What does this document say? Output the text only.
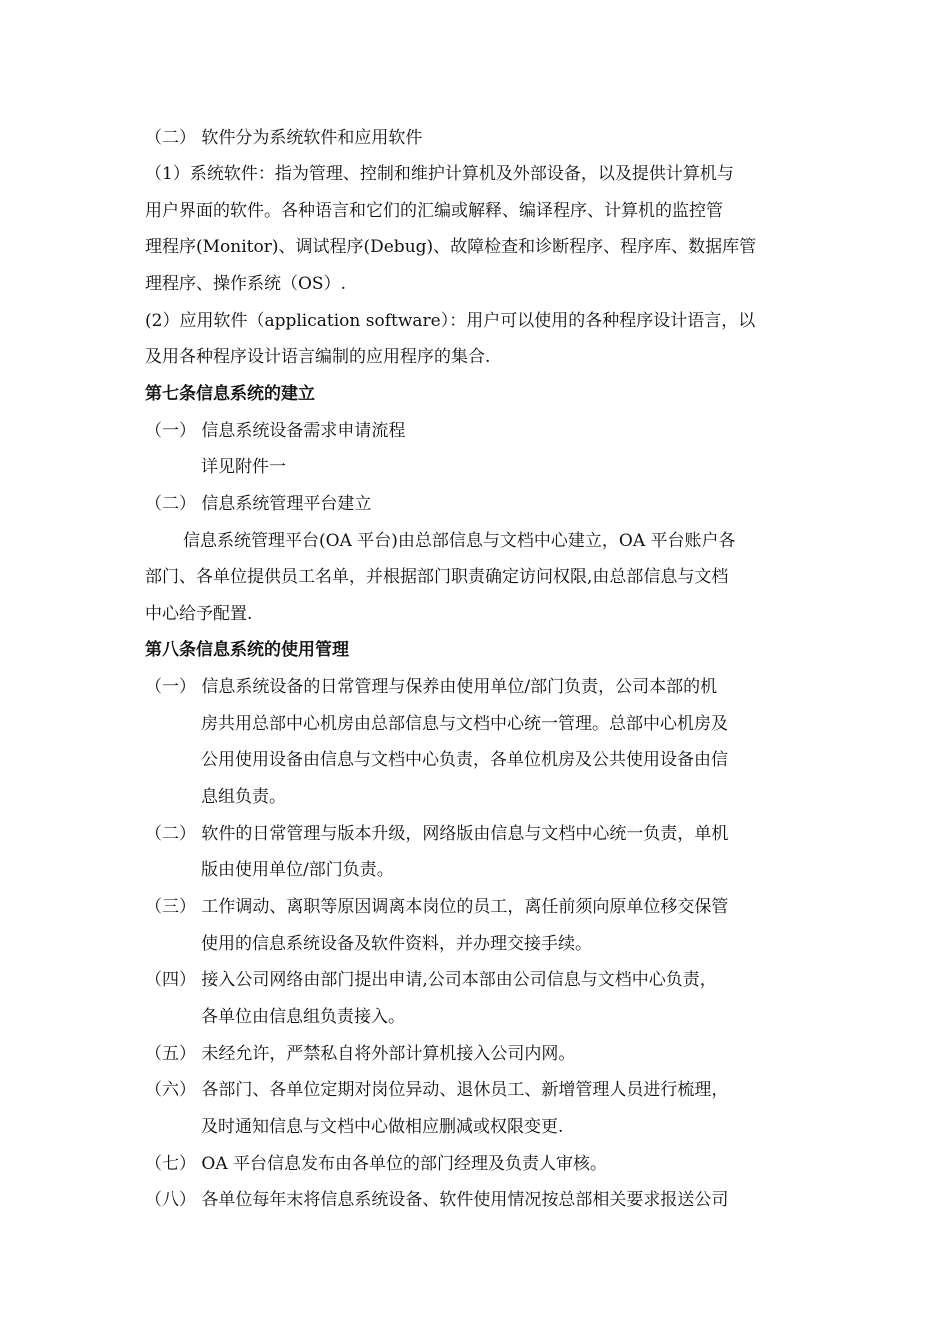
（二） 软件分为系统软件和应用软件
（1）系统软件：指为管理、控制和维护计算机及外部设备，以及提供计算机与
用户界面的软件。各种语言和它们的汇编或解释、编译程序、计算机的监控管
理程序(Monitor)、调试程序(Debug)、故障检查和诊断程序、程序库、数据库管
理程序、操作系统（OS）.
(2）应用软件（application software）：用户可以使用的各种程序设计语言，以
及用各种程序设计语言编制的应用程序的集合.
第七条信息系统的建立
（一） 信息系统设备需求申请流程
详见附件一
（二） 信息系统管理平台建立
信息系统管理平台(OA 平台)由总部信息与文档中心建立，OA 平台账户各
部门、各单位提供员工名单，并根据部门职责确定访问权限,由总部信息与文档
中心给予配置.
第八条信息系统的使用管理
（一） 信息系统设备的日常管理与保养由使用单位/部门负责，公司本部的机
房共用总部中心机房由总部信息与文档中心统一管理。总部中心机房及
公用使用设备由信息与文档中心负责，各单位机房及公共使用设备由信
息组负责。
（二） 软件的日常管理与版本升级，网络版由信息与文档中心统一负责，单机
版由使用单位/部门负责。
（三） 工作调动、离职等原因调离本岗位的员工，离任前须向原单位移交保管
使用的信息系统设备及软件资料，并办理交接手续。
（四） 接入公司网络由部门提出申请,公司本部由公司信息与文档中心负责，
各单位由信息组负责接入。
（五） 未经允许，严禁私自将外部计算机接入公司内网。
（六） 各部门、各单位定期对岗位异动、退休员工、新增管理人员进行梳理，
及时通知信息与文档中心做相应删减或权限变更.
（七） OA 平台信息发布由各单位的部门经理及负责人审核。
（八） 各单位每年末将信息系统设备、软件使用情况按总部相关要求报送公司
